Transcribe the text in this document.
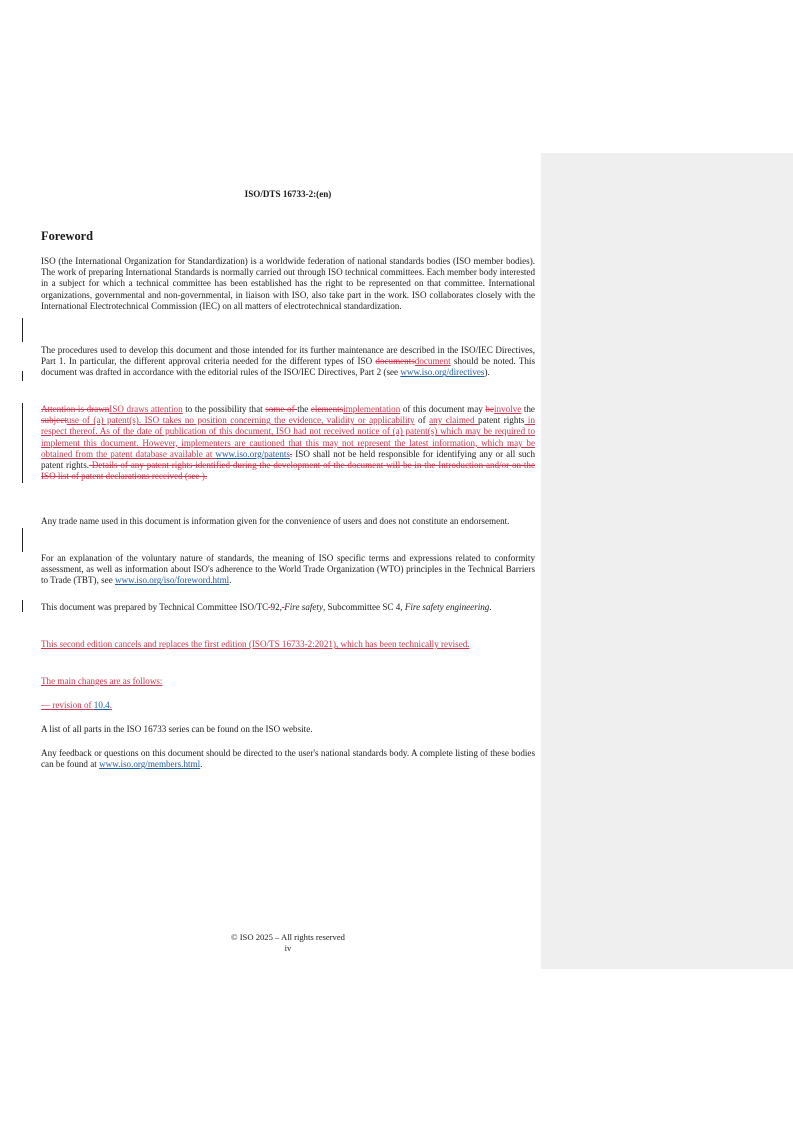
ISO/DTS 16733-2:(en)
Foreword

ISO (the International Organization for Standardization) is a worldwide federation of national standards bodies (ISO member bodies). The work of preparing International Standards is normally carried out through ISO technical committees. Each member body interested in a subject for which a technical committee has been established has the right to be represented on that committee. International organizations, governmental and non-governmental, in liaison with ISO, also take part in the work. ISO collaborates closely with the International Electrotechnical Commission (IEC) on all matters of electrotechnical standardization.

The procedures used to develop this document and those intended for its further maintenance are described in the ISO/IEC Directives, Part 1. In particular, the different approval criteria needed for the different types of ISO documentsdocument should be noted. This document was drafted in accordance with the editorial rules of the ISO/IEC Directives, Part 2 (see www.iso.org/directives).

Attention is drawnISO draws attention to the possibility that some of the elementsimplementation of this document may beinvolve the subjectuse of (a) patent(s). ISO takes no position concerning the evidence, validity or applicability of any claimed patent rights in respect thereof. As of the date of publication of this document, ISO had not received notice of (a) patent(s) which may be required to implement this document. However, implementers are cautioned that this may not represent the latest information, which may be obtained from the patent database available at www.iso.org/patents. ISO shall not be held responsible for identifying any or all such patent rights. Details of any patent rights identified during the development of the document will be in the Introduction and/or on the ISO list of patent declarations received (see ).

Any trade name used in this document is information given for the convenience of users and does not constitute an endorsement.

For an explanation of the voluntary nature of standards, the meaning of ISO specific terms and expressions related to conformity assessment, as well as information about ISO's adherence to the World Trade Organization (WTO) principles in the Technical Barriers to Trade (TBT), see www.iso.org/iso/foreword.html.

This document was prepared by Technical Committee ISO/TC 92, Fire safety, Subcommittee SC 4, Fire safety engineering.

This second edition cancels and replaces the first edition (ISO/TS 16733-2:2021), which has been technically revised.

The main changes are as follows:

— revision of 10.4.

A list of all parts in the ISO 16733 series can be found on the ISO website.

Any feedback or questions on this document should be directed to the user's national standards body. A complete listing of these bodies can be found at www.iso.org/members.html.

© ISO 2025 – All rights reserved
iv
